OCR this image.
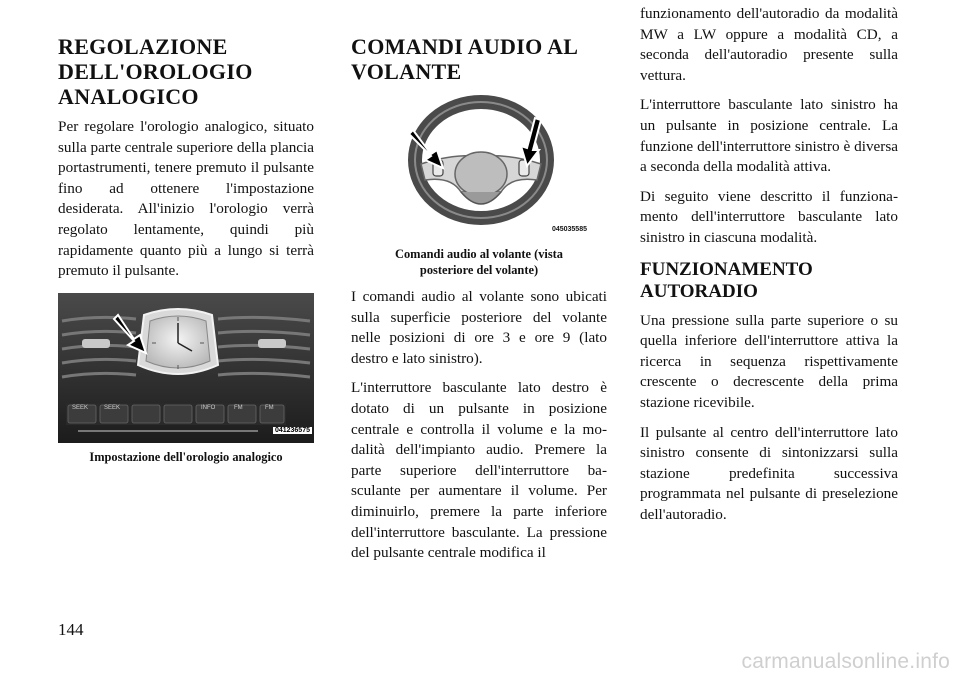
REGOLAZIONE DELL'OROLOGIO ANALOGICO

Per regolare l'orologio analogico, situato sulla parte centrale superiore della plancia portastrumenti, tenere premuto il pulsante fino ad ottenere l'impostazione desiderata. All'inizio l'orologio verrà regolato lentamente, quindi più rapidamente quanto più a lungo si terrà premuto il pulsante.

041236575
SEEK	SEEK	INFO	FM	FM
Impostazione dell'orologio analogico
COMANDI AUDIO AL VOLANTE
045035585
Comandi audio al volante (vista posteriore del volante)

I comandi audio al volante sono ubicati sulla superficie posteriore del volante nelle posizioni di ore 3 e ore 9 (lato destro e lato sinistro).

L'interruttore basculante lato destro è dotato di un pulsante in posizione centrale e controlla il volume e la modalità dell'impianto audio. Premere la parte superiore dell'interruttore basculante per aumentare il volume. Per diminuirlo, premere la parte inferiore dell'interruttore basculante. La pressione del pulsante centrale modifica il

funzionamento dell'autoradio da modalità MW a LW oppure a modalità CD, a seconda dell'autoradio presente sulla vettura.

L'interruttore basculante lato sinistro ha un pulsante in posizione centrale. La funzione dell'interruttore sinistro è diversa a seconda della modalità attiva.

Di seguito viene descritto il funzionamento dell'interruttore basculante lato sinistro in ciascuna modalità.

FUNZIONAMENTO AUTORADIO

Una pressione sulla parte superiore o su quella inferiore dell'interruttore attiva la ricerca in sequenza rispettivamente crescente o decrescente della prima stazione ricevibile.

Il pulsante al centro dell'interruttore lato sinistro consente di sintonizzarsi sulla stazione predefinita successiva programmata nel pulsante di preselezione dell'autoradio.

144
carmanualsonline.info
